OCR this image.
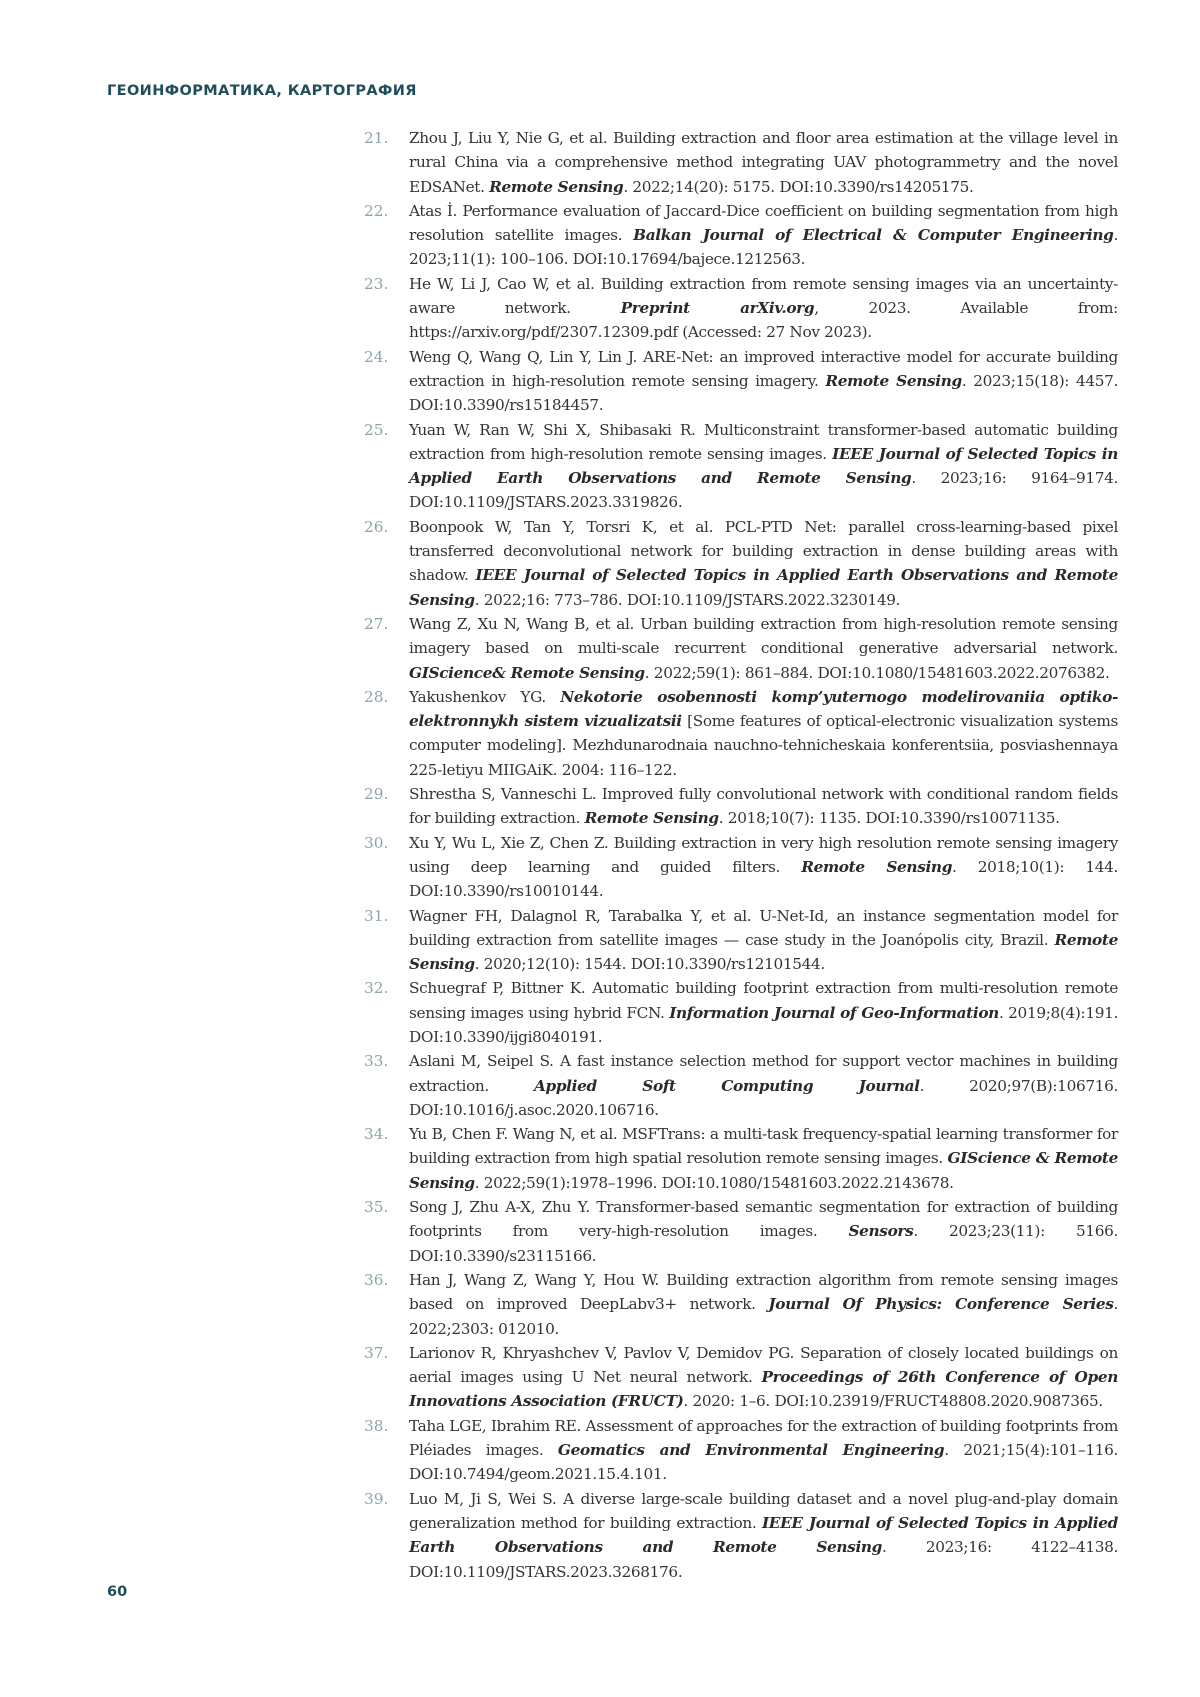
ГЕОИНФОРМАТИКА, КАРТОГРАФИЯ
21. Zhou J, Liu Y, Nie G, et al. Building extraction and floor area estimation at the village level in rural China via a comprehensive method integrating UAV photogrammetry and the novel EDSANet. Remote Sensing. 2022;14(20): 5175. DOI:10.3390/rs14205175.
22. Atas İ. Performance evaluation of Jaccard-Dice coefficient on building segmentation from high resolution satellite images. Balkan Journal of Electrical & Computer Engineering. 2023;11(1): 100–106. DOI:10.17694/bajece.1212563.
23. He W, Li J, Cao W, et al. Building extraction from remote sensing images via an uncertainty-aware network. Preprint arXiv.org, 2023. Available from: https://arxiv.org/pdf/2307.12309.pdf (Accessed: 27 Nov 2023).
24. Weng Q, Wang Q, Lin Y, Lin J. ARE-Net: an improved interactive model for accurate building extraction in high-resolution remote sensing imagery. Remote Sensing. 2023;15(18): 4457. DOI:10.3390/rs15184457.
25. Yuan W, Ran W, Shi X, Shibasaki R. Multiconstraint transformer-based automatic building extraction from high-resolution remote sensing images. IEEE Journal of Selected Topics in Applied Earth Observations and Remote Sensing. 2023;16: 9164–9174. DOI:10.1109/JSTARS.2023.3319826.
26. Boonpook W, Tan Y, Torsri K, et al. PCL-PTD Net: parallel cross-learning-based pixel transferred deconvolutional network for building extraction in dense building areas with shadow. IEEE Journal of Selected Topics in Applied Earth Observations and Remote Sensing. 2022;16: 773–786. DOI:10.1109/JSTARS.2022.3230149.
27. Wang Z, Xu N, Wang B, et al. Urban building extraction from high-resolution remote sensing imagery based on multi-scale recurrent conditional generative adversarial network. GIScience& Remote Sensing. 2022;59(1): 861–884. DOI:10.1080/15481603.2022.2076382.
28. Yakushenkov YG. Nekotorie osobennosti komp’yuternogo modelirovaniia optiko-elektronnykh sistem vizualizatsii [Some features of optical-electronic visualization systems computer modeling]. Mezhdunarodnaia nauchno-tehnicheskaia konferentsiia, posviashennaya 225-letiyu MIIGAiK. 2004: 116–122.
29. Shrestha S, Vanneschi L. Improved fully convolutional network with conditional random fields for building extraction. Remote Sensing. 2018;10(7): 1135. DOI:10.3390/rs10071135.
30. Xu Y, Wu L, Xie Z, Chen Z. Building extraction in very high resolution remote sensing imagery using deep learning and guided filters. Remote Sensing. 2018;10(1): 144. DOI:10.3390/rs10010144.
31. Wagner FH, Dalagnol R, Tarabalka Y, et al. U-Net-Id, an instance segmentation model for building extraction from satellite images — case study in the Joanópolis city, Brazil. Remote Sensing. 2020;12(10): 1544. DOI:10.3390/rs12101544.
32. Schuegraf P, Bittner K. Automatic building footprint extraction from multi-resolution remote sensing images using hybrid FCN. Information Journal of Geo-Information. 2019;8(4):191. DOI:10.3390/ijgi8040191.
33. Aslani M, Seipel S. A fast instance selection method for support vector machines in building extraction. Applied Soft Computing Journal. 2020;97(B):106716. DOI:10.1016/j.asoc.2020.106716.
34. Yu B, Chen F. Wang N, et al. MSFTrans: a multi-task frequency-spatial learning transformer for building extraction from high spatial resolution remote sensing images. GIScience & Remote Sensing. 2022;59(1):1978–1996. DOI:10.1080/15481603.2022.2143678.
35. Song J, Zhu A-X, Zhu Y. Transformer-based semantic segmentation for extraction of building footprints from very-high-resolution images. Sensors. 2023;23(11): 5166. DOI:10.3390/s23115166.
36. Han J, Wang Z, Wang Y, Hou W. Building extraction algorithm from remote sensing images based on improved DeepLabv3+ network. Journal Of Physics: Conference Series. 2022;2303: 012010.
37. Larionov R, Khryashchev V, Pavlov V, Demidov PG. Separation of closely located buildings on aerial images using U Net neural network. Proceedings of 26th Conference of Open Innovations Association (FRUCT). 2020: 1–6. DOI:10.23919/FRUCT48808.2020.9087365.
38. Taha LGE, Ibrahim RE. Assessment of approaches for the extraction of building footprints from Pléiades images. Geomatics and Environmental Engineering. 2021;15(4):101–116. DOI:10.7494/geom.2021.15.4.101.
39. Luo M, Ji S, Wei S. A diverse large-scale building dataset and a novel plug-and-play domain generalization method for building extraction. IEEE Journal of Selected Topics in Applied Earth Observations and Remote Sensing. 2023;16: 4122–4138. DOI:10.1109/JSTARS.2023.3268176.
60
